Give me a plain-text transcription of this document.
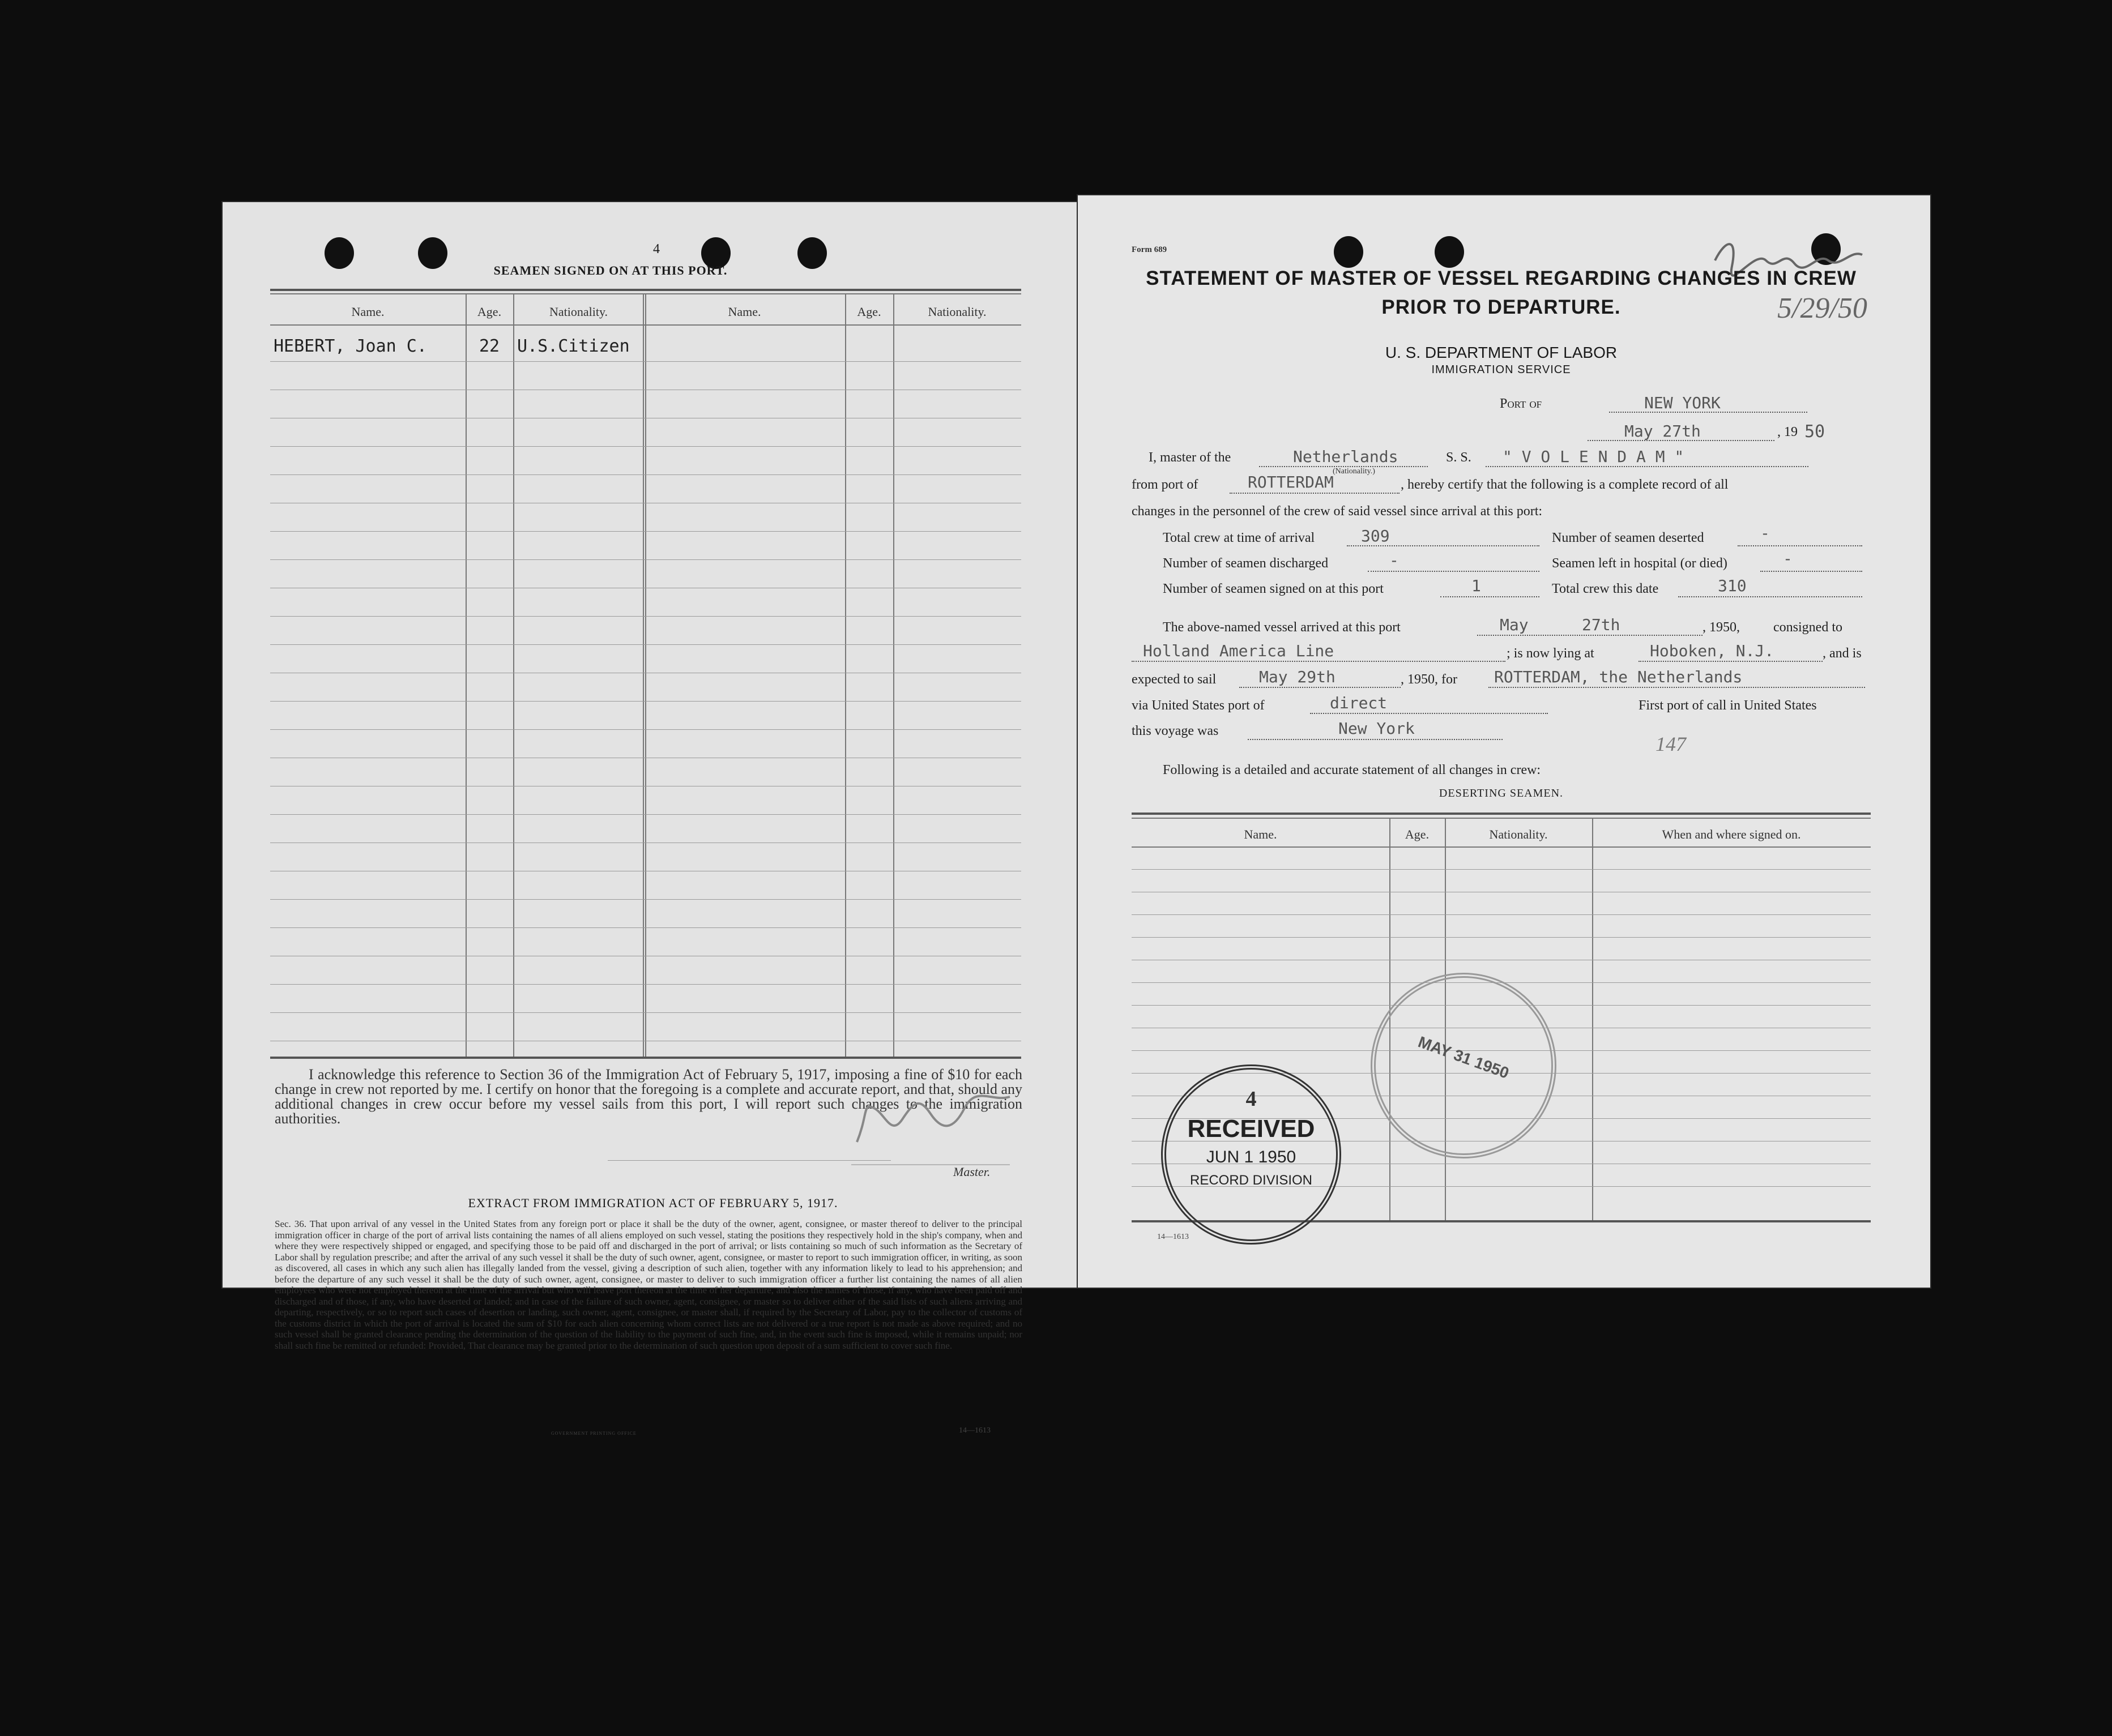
4
SEAMEN SIGNED ON AT THIS PORT.
Name.	Age.	Nationality.	Name.	Age.	Nationality.
HEBERT, Joan C.	22	U.S.Citizen
I acknowledge this reference to Section 36 of the Immigration Act of February 5, 1917, imposing a fine of $10 for each change in crew not reported by me. I certify on honor that the foregoing is a complete and accurate report, and that, should any additional changes in crew occur before my vessel sails from this port, I will report such changes to the immigration authorities.
Master.
EXTRACT FROM IMMIGRATION ACT OF FEBRUARY 5, 1917.
Sec. 36. That upon arrival of any vessel in the United States from any foreign port or place it shall be the duty of the owner, agent, consignee, or master thereof to deliver to the principal immigration officer in charge of the port of arrival lists containing the names of all aliens employed on such vessel, stating the positions they respectively hold in the ship's company, when and where they were respectively shipped or engaged, and specifying those to be paid off and discharged in the port of arrival; or lists containing so much of such information as the Secretary of Labor shall by regulation prescribe; and after the arrival of any such vessel it shall be the duty of such owner, agent, consignee, or master to report to such immigration officer, in writing, as soon as discovered, all cases in which any such alien has illegally landed from the vessel, giving a description of such alien, together with any information likely to lead to his apprehension; and before the departure of any such vessel it shall be the duty of such owner, agent, consignee, or master to deliver to such immigration officer a further list containing the names of all alien employees who were not employed thereon at the time of the arrival but who will leave port thereon at the time of her departure, and also the names of those, if any, who have been paid off and discharged and of those, if any, who have deserted or landed; and in case of the failure of such owner, agent, consignee, or master so to deliver either of the said lists of such aliens arriving and departing, respectively, or so to report such cases of desertion or landing, such owner, agent, consignee, or master shall, if required by the Secretary of Labor, pay to the collector of customs of the customs district in which the port of arrival is located the sum of $10 for each alien concerning whom correct lists are not delivered or a true report is not made as above required; and no such vessel shall be granted clearance pending the determination of the question of the liability to the payment of such fine, and, in the event such fine is imposed, while it remains unpaid; nor shall such fine be remitted or refunded: Provided, That clearance may be granted prior to the determination of such question upon deposit of a sum sufficient to cover such fine.
GOVERNMENT PRINTING OFFICE	14—1613
Form 689
5/29/50
STATEMENT OF MASTER OF VESSEL REGARDING CHANGES IN CREW
PRIOR TO DEPARTURE.
U. S. DEPARTMENT OF LABOR
IMMIGRATION SERVICE
Port of	NEW YORK
May 27th	, 19 50
I, master of the	Netherlands
(Nationality.)
S. S. " V O L E N D A M "
from port of	ROTTERDAM	, hereby certify that the following is a complete record of all
changes in the personnel of the crew of said vessel since arrival at this port:
Total crew at time of arrival	309	Number of seamen deserted	-
Number of seamen discharged	-	Seamen left in hospital (or died)	-
Number of seamen signed on at this port	1	Total crew this date	310
The above-named vessel arrived at this port	May	27th	, 1950, consigned to
Holland America Line	; is now lying at	Hoboken, N.J.	, and is
expected to sail	May 29th	, 1950, for ROTTERDAM, the Netherlands
via United States port of	direct	First port of call in United States
this voyage was	New York
147
Following is a detailed and accurate statement of all changes in crew:
DESERTING SEAMEN.
Name.	Age.	Nationality.	When and where signed on.
14—1613
4
RECEIVED
JUN 1 1950
RECORD DIVISION
MAY 31 1950
